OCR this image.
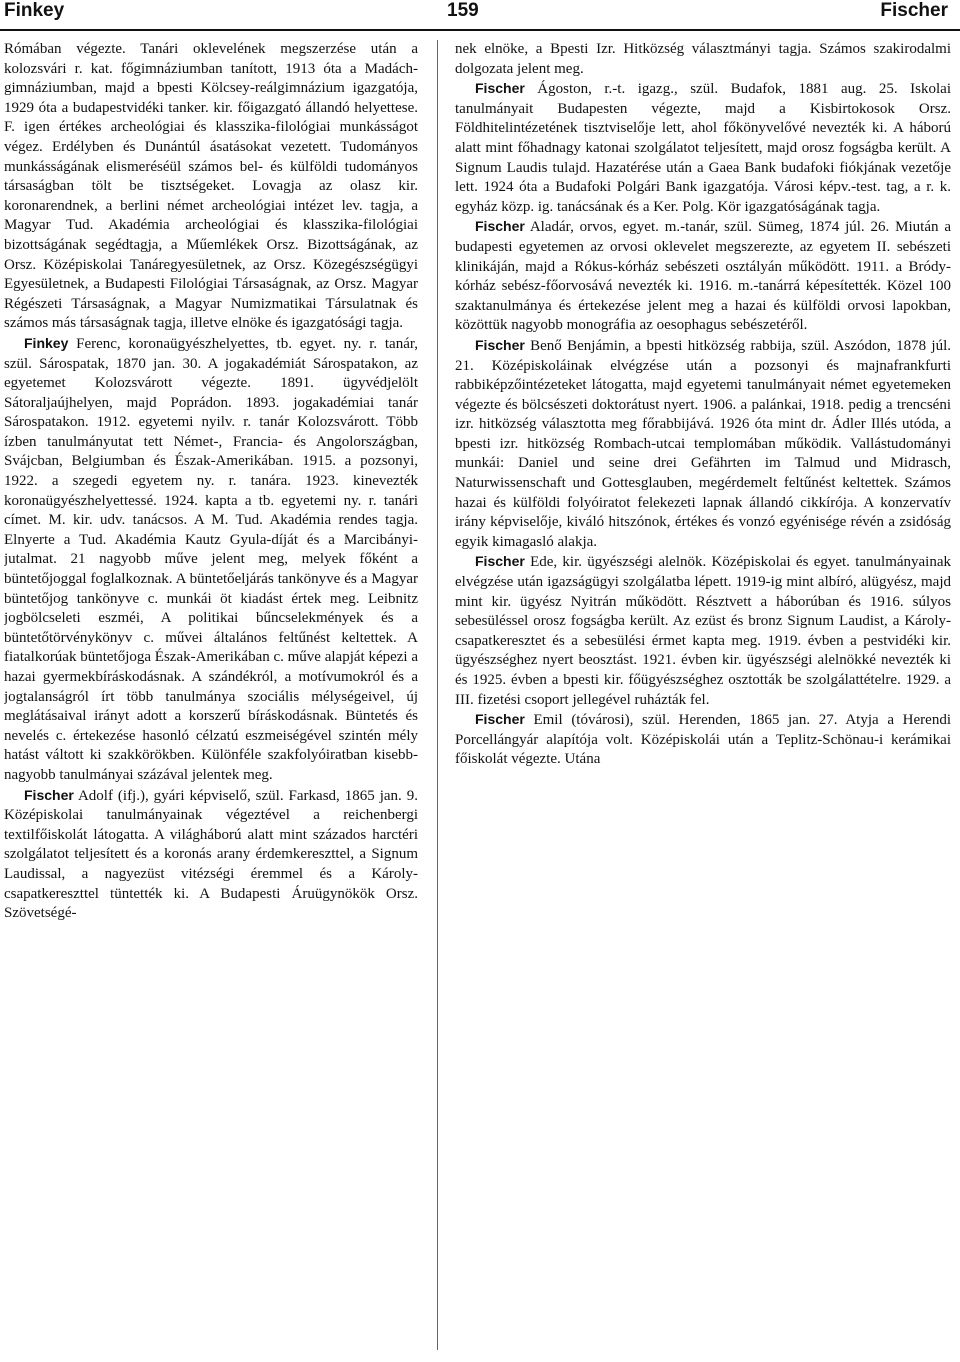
Finkey	159	Fischer

Rómában végezte. Tanári oklevelének megszerzése után a kolozsvári r. kat. főgimnáziumban tanított, 1913 óta a Madách-gimnáziumban, majd a bpesti Kölcsey-reálgimnázium igazgatója, 1929 óta a budapestvidéki tanker. kir. főigazgató állandó helyettese. F. igen értékes archeológiai és klasszika-filológiai munkásságot végez. Erdélyben és Dunántúl ásatásokat vezetett. Tudományos munkásságának elismeréséül számos bel- és külföldi tudományos társaságban tölt be tisztségeket. Lovagja az olasz kir. koronarendnek, a berlini német archeológiai intézet lev. tagja, a Magyar Tud. Akadémia archeológiai és klasszika-filológiai bizottságának segédtagja, a Műemlékek Orsz. Bizottságának, az Orsz. Középiskolai Tanáregyesületnek, az Orsz. Közegészségügyi Egyesületnek, a Budapesti Filológiai Társaságnak, az Orsz. Magyar Régészeti Társaságnak, a Magyar Numizmatikai Társulatnak és számos más társaságnak tagja, illetve elnöke és igazgatósági tagja.

Finkey Ferenc, koronaügyészhelyettes, tb. egyet. ny. r. tanár, szül. Sárospatak, 1870 jan. 30. A jogakadémiát Sárospatakon, az egyetemet Kolozsvárott végezte. 1891. ügyvédjelölt Sátoraljaújhelyen, majd Poprádon. 1893. jogakadémiai tanár Sárospatakon. 1912. egyetemi nyilv. r. tanár Kolozsvárott. Több ízben tanulmányutat tett Német-, Francia- és Angolországban, Svájcban, Belgiumban és Észak-Amerikában. 1915. a pozsonyi, 1922. a szegedi egyetem ny. r. tanára. 1923. kinevezték koronaügyészhelyettessé. 1924. kapta a tb. egyetemi ny. r. tanári címet. M. kir. udv. tanácsos. A M. Tud. Akadémia rendes tagja. Elnyerte a Tud. Akadémia Kautz Gyula-díját és a Marcibányi-jutalmat. 21 nagyobb műve jelent meg, melyek főként a büntetőjoggal foglalkoznak. A büntetőeljárás tankönyve és a Magyar büntetőjog tankönyve c. munkái öt kiadást értek meg. Leibnitz jogbölcseleti eszméi, A politikai bűncselekmények és a büntetőtörvénykönyv c. művei általános feltűnést keltettek. A fiatalkorúak büntetőjoga Észak-Amerikában c. műve alapját képezi a hazai gyermekbíráskodásnak. A szándékról, a motívumokról és a jogtalanságról írt több tanulmánya szociális mélységeivel, új meglátásaival irányt adott a korszerű bíráskodásnak. Büntetés és nevelés c. értekezése hasonló célzatú eszmeiségével szintén mély hatást váltott ki szakkörökben. Különféle szakfolyóiratban kisebb-nagyobb tanulmányai százával jelentek meg.

Fischer Adolf (ifj.), gyári képviselő, szül. Farkasd, 1865 jan. 9. Középiskolai tanulmányainak végeztével a reichenbergi textilfőiskolát látogatta. A világháború alatt mint százados harctéri szolgálatot teljesített és a koronás arany érdemkereszttel, a Signum Laudissal, a nagyezüst vitézségi éremmel és a Károly-csapatkereszttel tüntették ki. A Budapesti Áruügynökök Orsz. Szövetségé-

nek elnöke, a Bpesti Izr. Hitközség választmányi tagja. Számos szakirodalmi dolgozata jelent meg.

Fischer Ágoston, r.-t. igazg., szül. Budafok, 1881 aug. 25. Iskolai tanulmányait Budapesten végezte, majd a Kisbirtokosok Orsz. Földhitelintézetének tisztviselője lett, ahol főkönyvelővé nevezték ki. A háború alatt mint főhadnagy katonai szolgálatot teljesített, majd orosz fogságba került. A Signum Laudis tulajd. Hazatérése után a Gaea Bank budafoki fiókjának vezetője lett. 1924 óta a Budafoki Polgári Bank igazgatója. Városi képv.-test. tag, a r. k. egyház közp. ig. tanácsának és a Ker. Polg. Kör igazgatóságának tagja.

Fischer Aladár, orvos, egyet. m.-tanár, szül. Sümeg, 1874 júl. 26. Miután a budapesti egyetemen az orvosi oklevelet megszerezte, az egyetem II. sebészeti klinikáján, majd a Rókus-kórház sebészeti osztályán működött. 1911. a Bródy-kórház sebész-főorvosává nevezték ki. 1916. m.-tanárrá képesítették. Közel 100 szaktanulmánya és értekezése jelent meg a hazai és külföldi orvosi lapokban, közöttük nagyobb monográfia az oesophagus sebészetéről.

Fischer Benő Benjámin, a bpesti hitközség rabbija, szül. Aszódon, 1878 júl. 21. Középiskoláinak elvégzése után a pozsonyi és majnafrankfurti rabbiképzőintézeteket látogatta, majd egyetemi tanulmányait német egyetemeken végezte és bölcsészeti doktorátust nyert. 1906. a palánkai, 1918. pedig a trencséni izr. hitközség választotta meg főrabbijává. 1926 óta mint dr. Ádler Illés utóda, a bpesti izr. hitközség Rombach-utcai templomában működik. Vallástudományi munkái: Daniel und seine drei Gefährten im Talmud und Midrasch, Naturwissenschaft und Gottesglauben, megérdemelt feltűnést keltettek. Számos hazai és külföldi folyóiratot felekezeti lapnak állandó cikkírója. A konzervatív irány képviselője, kiváló hitszónok, értékes és vonzó egyénisége révén a zsidóság egyik kimagasló alakja.

Fischer Ede, kir. ügyészségi alelnök. Középiskolai és egyet. tanulmányainak elvégzése után igazságügyi szolgálatba lépett. 1919-ig mint albíró, alügyész, majd mint kir. ügyész Nyitrán működött. Résztvett a háborúban és 1916. súlyos sebesüléssel orosz fogságba került. Az ezüst és bronz Signum Laudist, a Károly-csapatkeresztet és a sebesülési érmet kapta meg. 1919. évben a pestvidéki kir. ügyészséghez nyert beosztást. 1921. évben kir. ügyészségi alelnökké nevezték ki és 1925. évben a bpesti kir. főügyészséghez osztották be szolgálattételre. 1929. a III. fizetési csoport jellegével ruházták fel.

Fischer Emil (tóvárosi), szül. Herenden, 1865 jan. 27. Atyja a Herendi Porcellángyár alapítója volt. Középiskolái után a Teplitz-Schönau-i kerámikai főiskolát végezte. Utána
